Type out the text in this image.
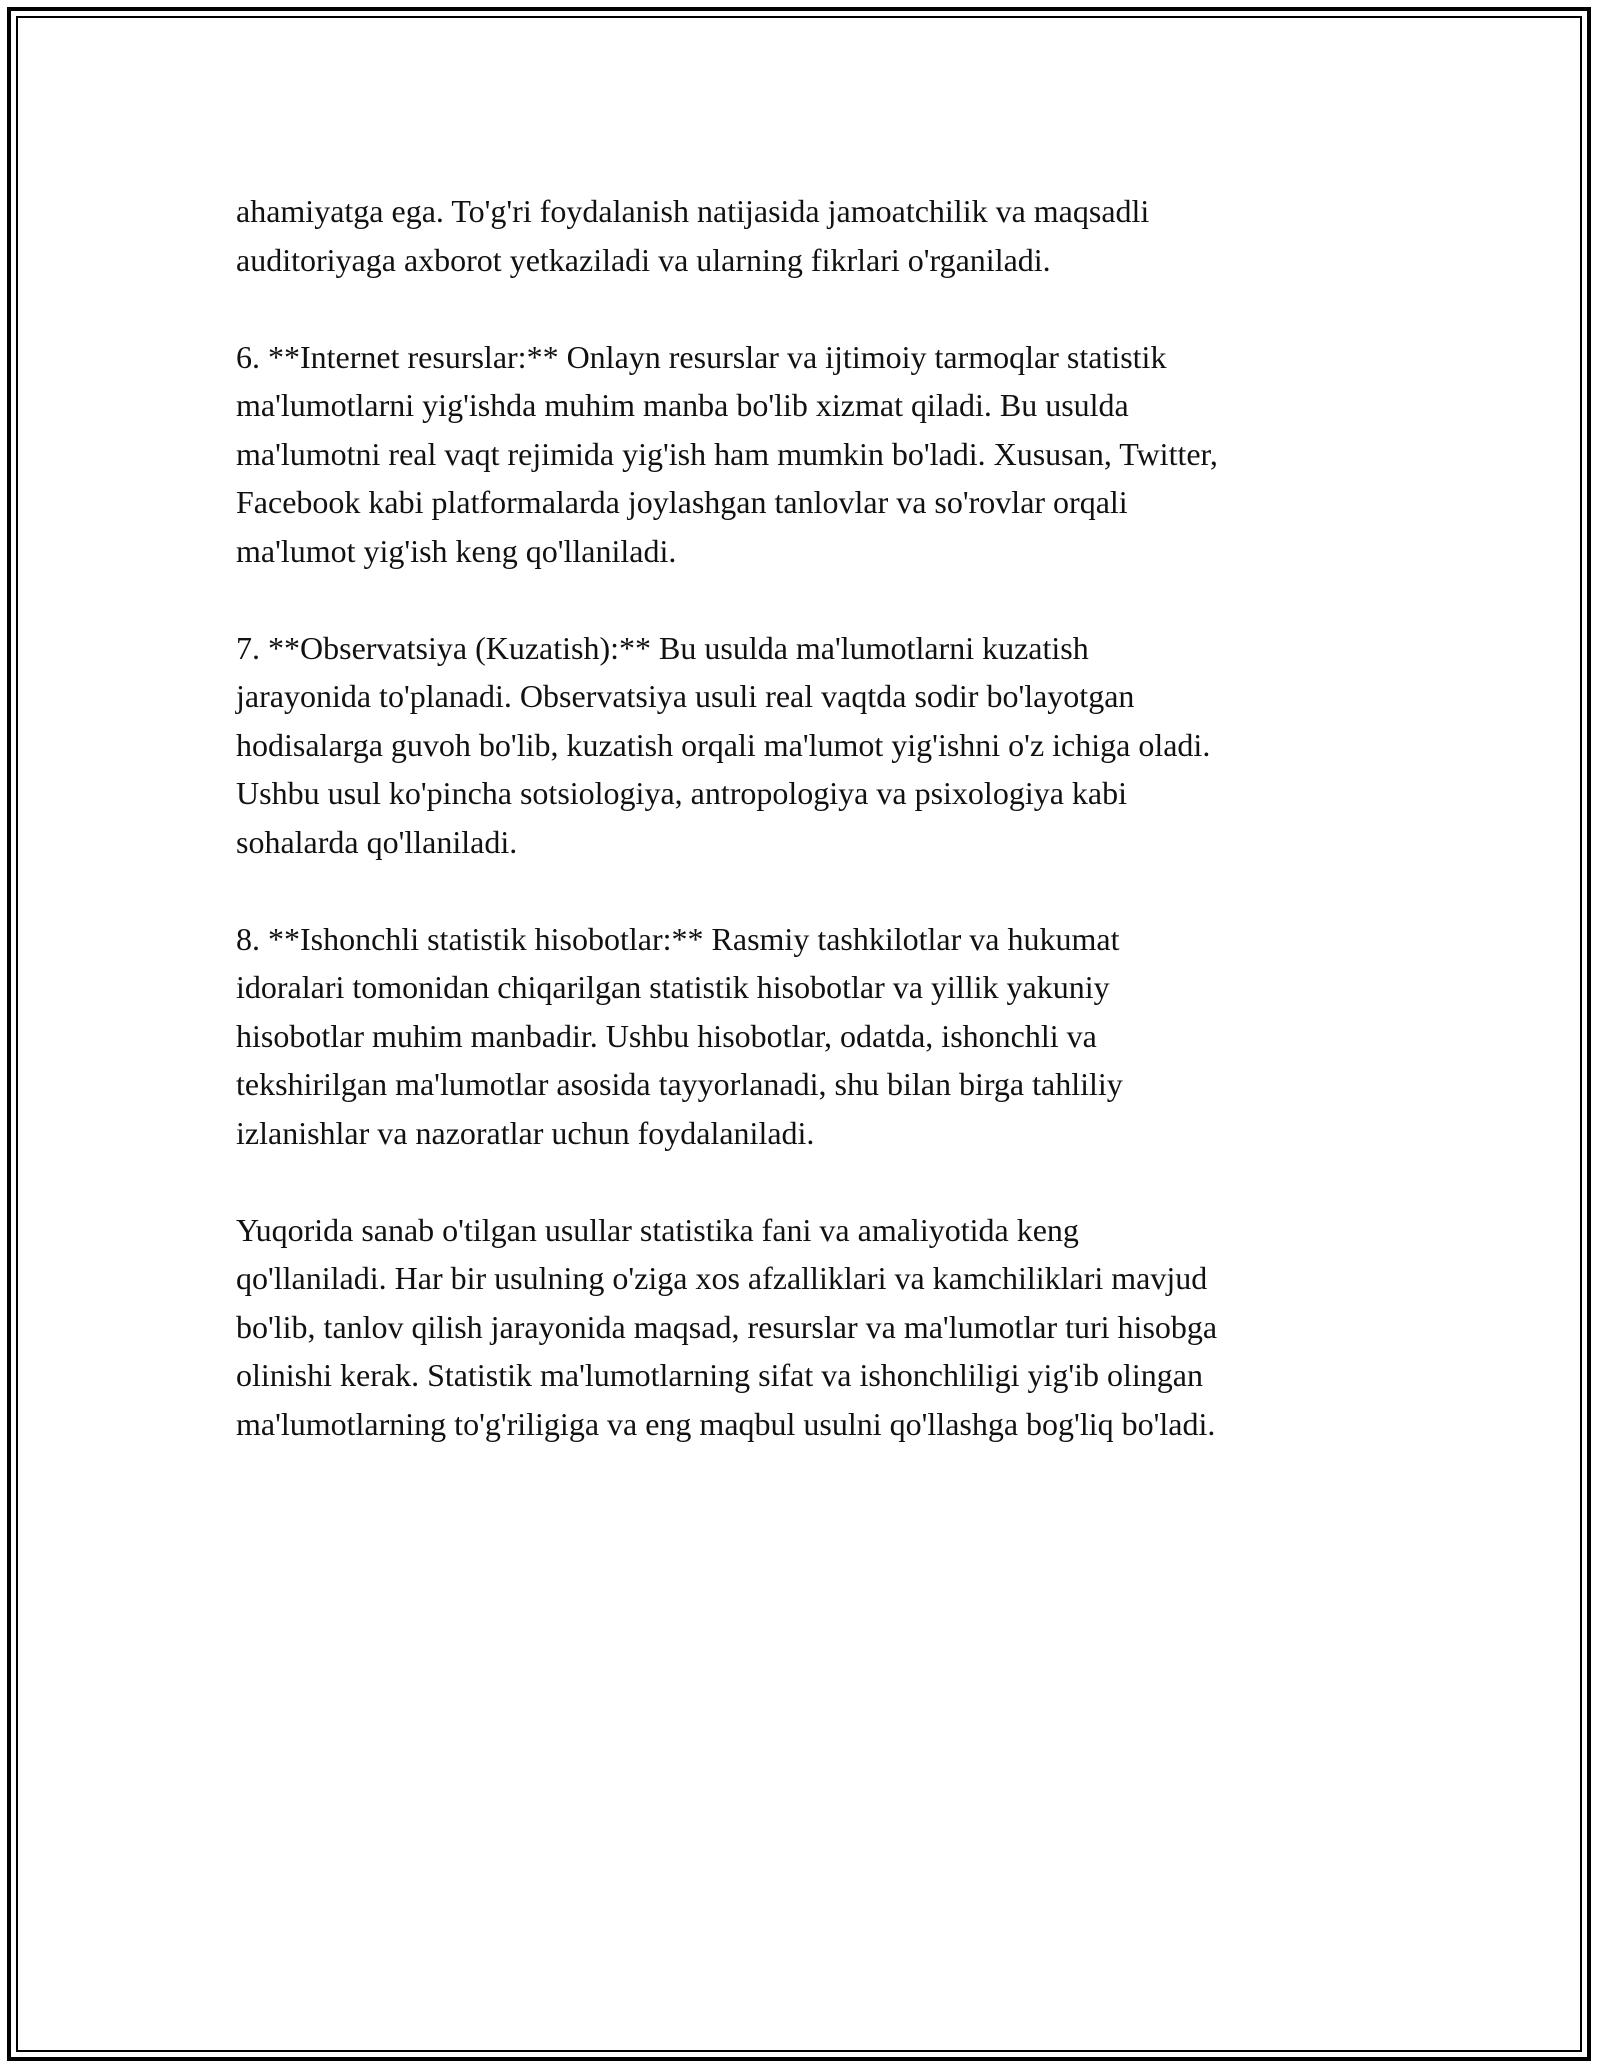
ahamiyatga ega. To'g'ri foydalanish natijasida jamoatchilik va maqsadli
auditoriyaga axborot yetkaziladi va ularning fikrlari o'rganiladi.

6. **Internet resurslar:** Onlayn resurslar va ijtimoiy tarmoqlar statistik
ma'lumotlarni yig'ishda muhim manba bo'lib xizmat qiladi. Bu usulda
ma'lumotni real vaqt rejimida yig'ish ham mumkin bo'ladi. Xususan, Twitter,
Facebook kabi platformalarda joylashgan tanlovlar va so'rovlar orqali
ma'lumot yig'ish keng qo'llaniladi.

7. **Observatsiya (Kuzatish):** Bu usulda ma'lumotlarni kuzatish
jarayonida to'planadi. Observatsiya usuli real vaqtda sodir bo'layotgan
hodisalarga guvoh bo'lib, kuzatish orqali ma'lumot yig'ishni o'z ichiga oladi.
Ushbu usul ko'pincha sotsiologiya, antropologiya va psixologiya kabi
sohalarda qo'llaniladi.

8. **Ishonchli statistik hisobotlar:** Rasmiy tashkilotlar va hukumat
idoralari tomonidan chiqarilgan statistik hisobotlar va yillik yakuniy
hisobotlar muhim manbadir. Ushbu hisobotlar, odatda, ishonchli va
tekshirilgan ma'lumotlar asosida tayyorlanadi, shu bilan birga tahliliy
izlanishlar va nazoratlar uchun foydalaniladi.

Yuqorida sanab o'tilgan usullar statistika fani va amaliyotida keng
qo'llaniladi. Har bir usulning o'ziga xos afzalliklari va kamchiliklari mavjud
bo'lib, tanlov qilish jarayonida maqsad, resurslar va ma'lumotlar turi hisobga
olinishi kerak. Statistik ma'lumotlarning sifat va ishonchliligi yig'ib olingan
ma'lumotlarning to'g'riligiga va eng maqbul usulni qo'llashga bog'liq bo'ladi.
